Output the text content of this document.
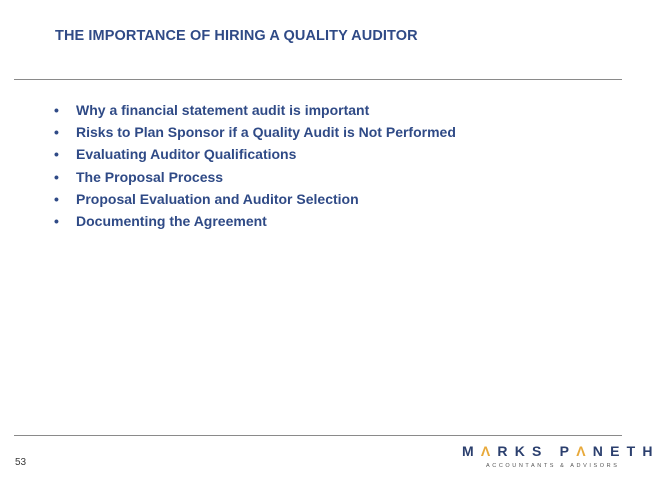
THE IMPORTANCE OF HIRING A QUALITY AUDITOR
• Why a financial statement audit is important
• Risks to Plan Sponsor if a Quality Audit is Not Performed
• Evaluating Auditor Qualifications
• The Proposal Process
• Proposal Evaluation and Auditor Selection
• Documenting the Agreement
53
MΛRKS PΛNETH
ACCOUNTANTS & ADVISORS
